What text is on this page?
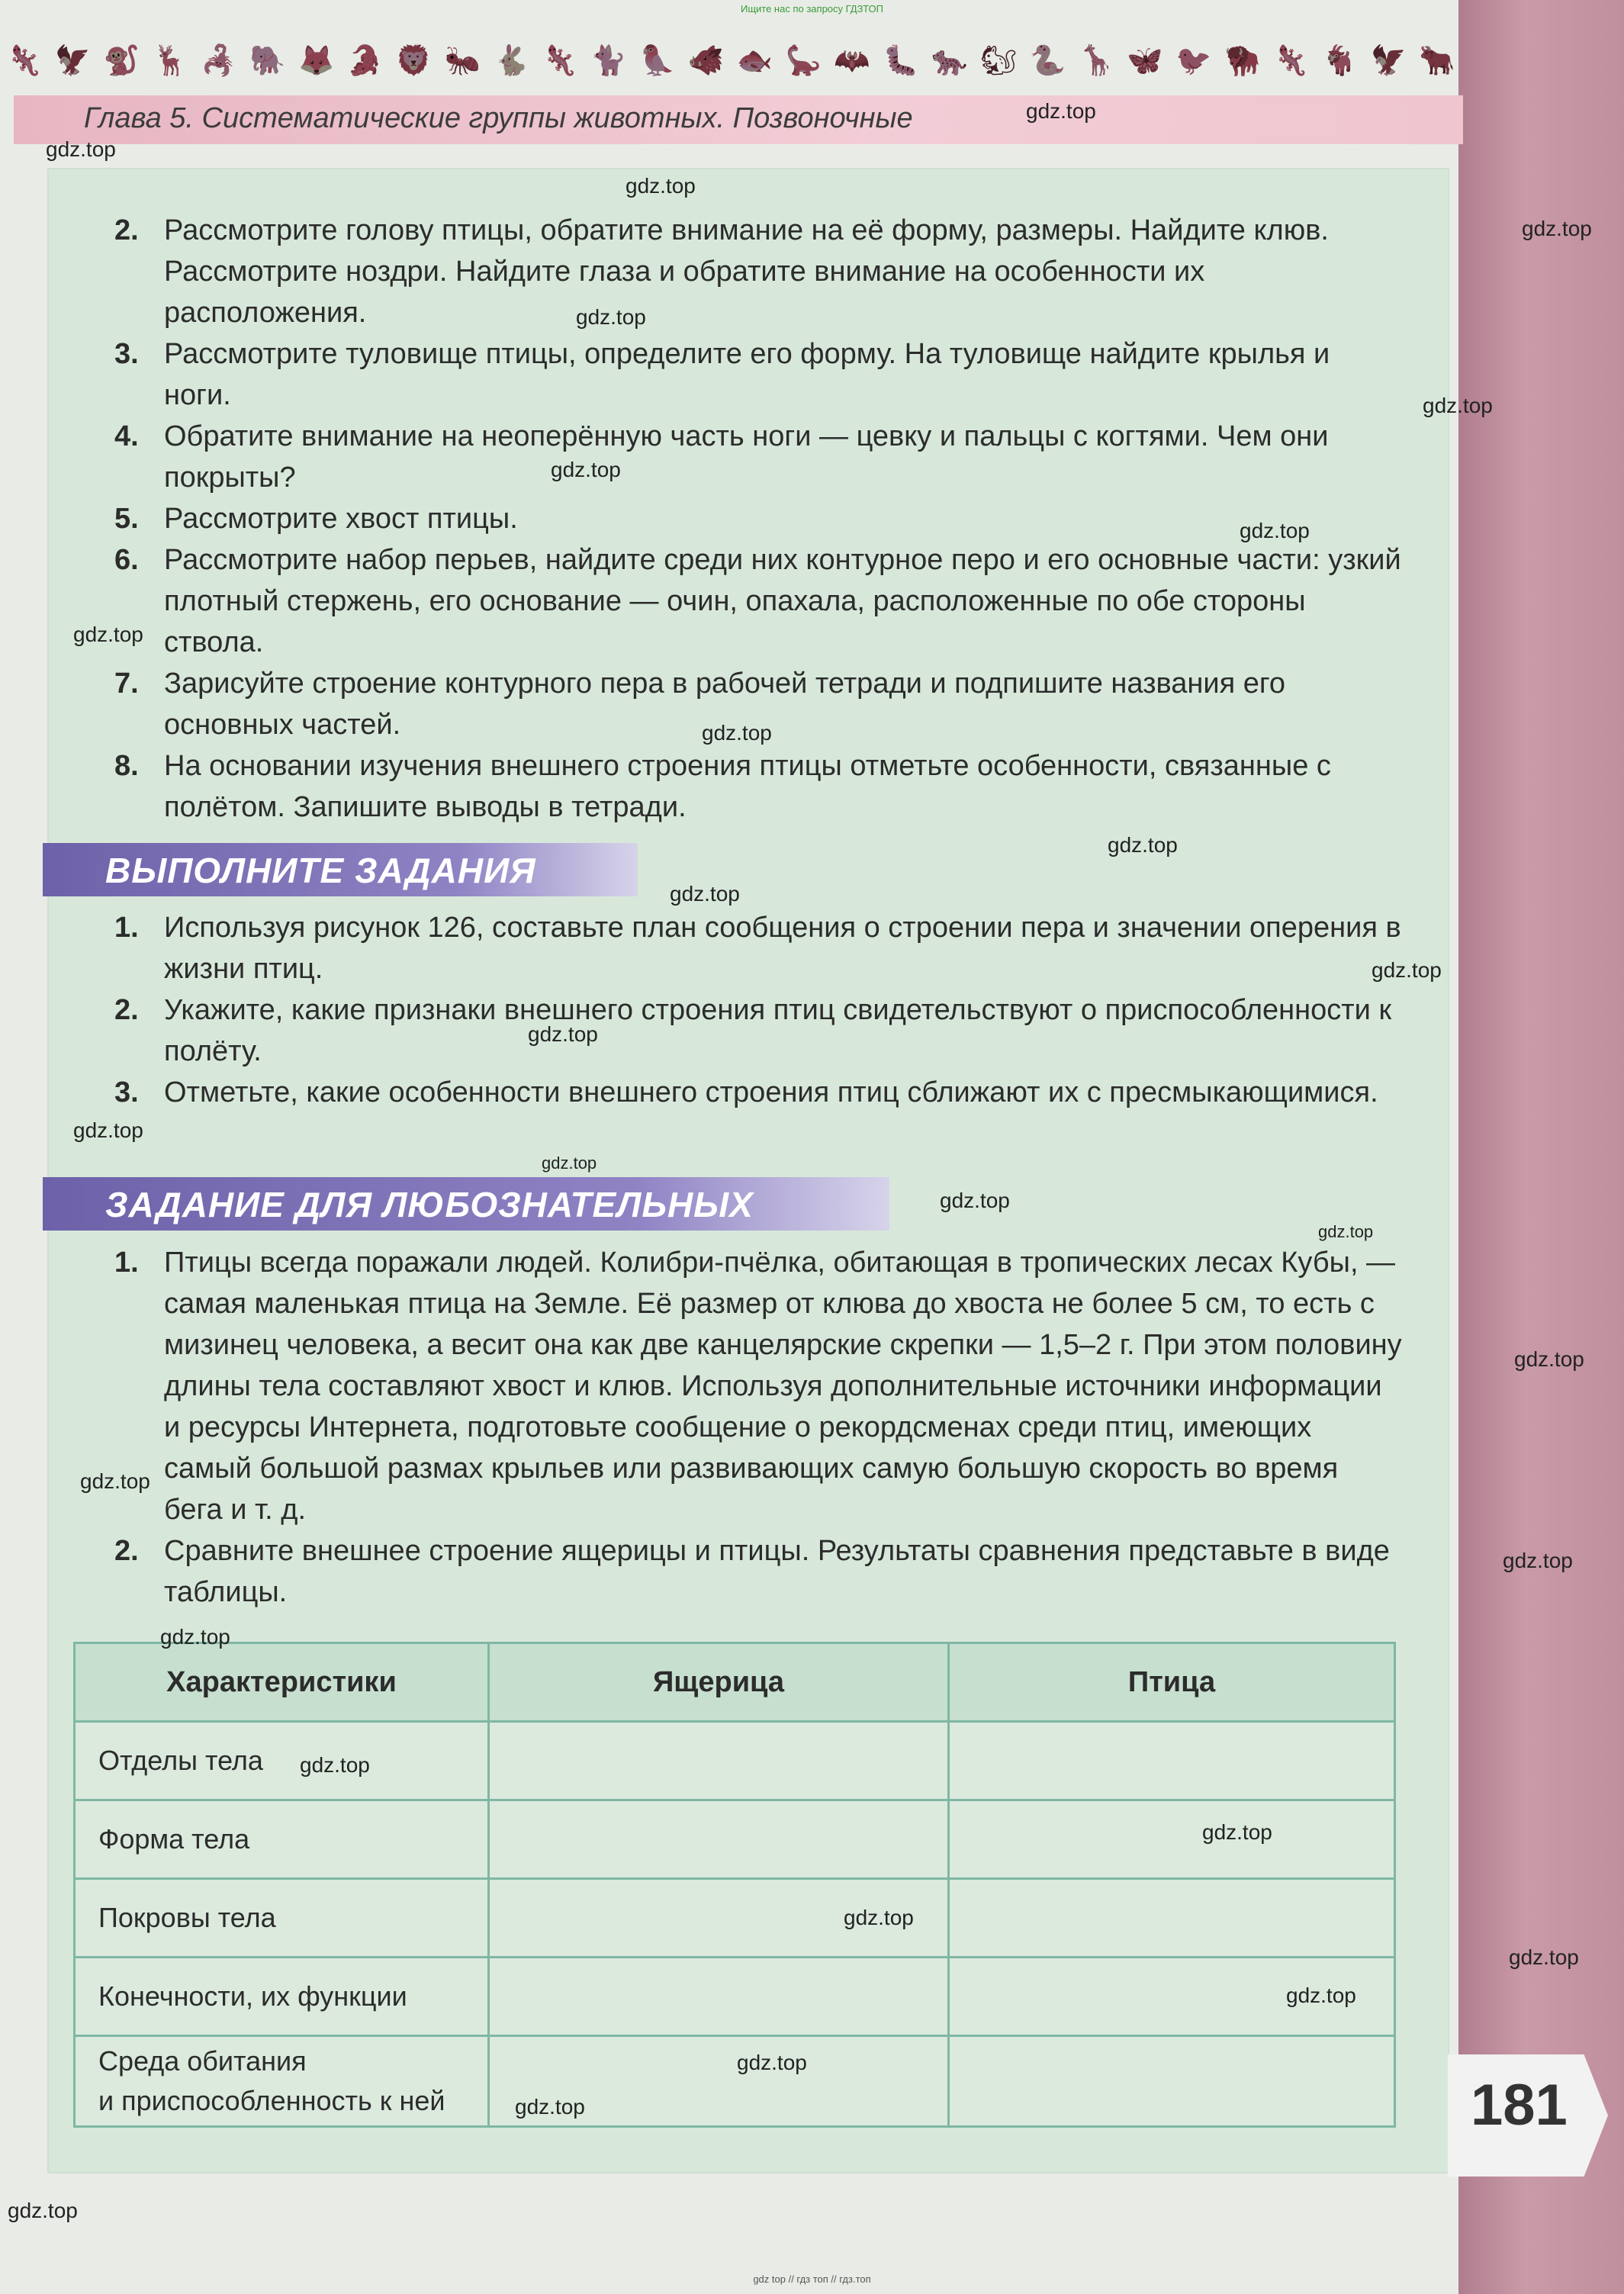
Ищите нас по запросу ГДЗТОП
🦎 🦅 🐒 🦌 🦂 🐘 🦊 🐊 🦁 🐜 🐇 🦎 🐈 🦜 🐗 🐟 🦕 🦇 🐛 🐆 🐿 🐍 🦒 🦋 🐦 🦬 🦎 🐐 🦅 🐂
Глава 5. Систематические группы животных. Позвоночные
2. Рассмотрите голову птицы, обратите внимание на её форму, размеры. Найдите клюв. Рассмотрите ноздри. Найдите глаза и обратите внимание на особенности их расположения.
3. Рассмотрите туловище птицы, определите его форму. На туловище найдите крылья и ноги.
4. Обратите внимание на неоперённую часть ноги — цевку и пальцы с когтями. Чем они покрыты?
5. Рассмотрите хвост птицы.
6. Рассмотрите набор перьев, найдите среди них контурное перо и его основные части: узкий плотный стержень, его основание — очин, опахала, расположенные по обе стороны ствола.
7. Зарисуйте строение контурного пера в рабочей тетради и подпишите названия его основных частей.
8. На основании изучения внешнего строения птицы отметьте особенности, связанные с полётом. Запишите выводы в тетради.
ВЫПОЛНИТЕ ЗАДАНИЯ
1. Используя рисунок 126, составьте план сообщения о строении пера и значении оперения в жизни птиц.
2. Укажите, какие признаки внешнего строения птиц свидетельствуют о приспособленности к полёту.
3. Отметьте, какие особенности внешнего строения птиц сближают их с пресмыкающимися.
ЗАДАНИЕ ДЛЯ ЛЮБОЗНАТЕЛЬНЫХ
1. Птицы всегда поражали людей. Колибри-пчёлка, обитающая в тропических лесах Кубы, — самая маленькая птица на Земле. Её размер от клюва до хвоста не более 5 см, то есть с мизинец человека, а весит она как две канцелярские скрепки — 1,5–2 г. При этом половину длины тела составляют хвост и клюв. Используя дополнительные источники информации и ресурсы Интернета, подготовьте сообщение о рекордсменах среди птиц, имеющих самый большой размах крыльев или развивающих самую большую скорость во время бега и т. д.
2. Сравните внешнее строение ящерицы и птицы. Результаты сравнения представьте в виде таблицы.
Характеристики	Ящерица	Птица
Отделы тела		
Форма тела		
Покровы тела		
Конечности, их функции		
Среда обитания
и приспособленность к ней			181
gdz.top
gdz.top
gdz.top
gdz.top
gdz.top
gdz.top
gdz.top
gdz.top
gdz.top
gdz.top
gdz.top
gdz.top
gdz.top
gdz.top
gdz.top
gdz.top
gdz.top
gdz.top
gdz.top
gdz.top
gdz.top
gdz.top
gdz.top
gdz.top
gdz.top
gdz.top
gdz.top
gdz.top
gdz.top
gdz.top
gdz top // гдз топ // гдз.топ
